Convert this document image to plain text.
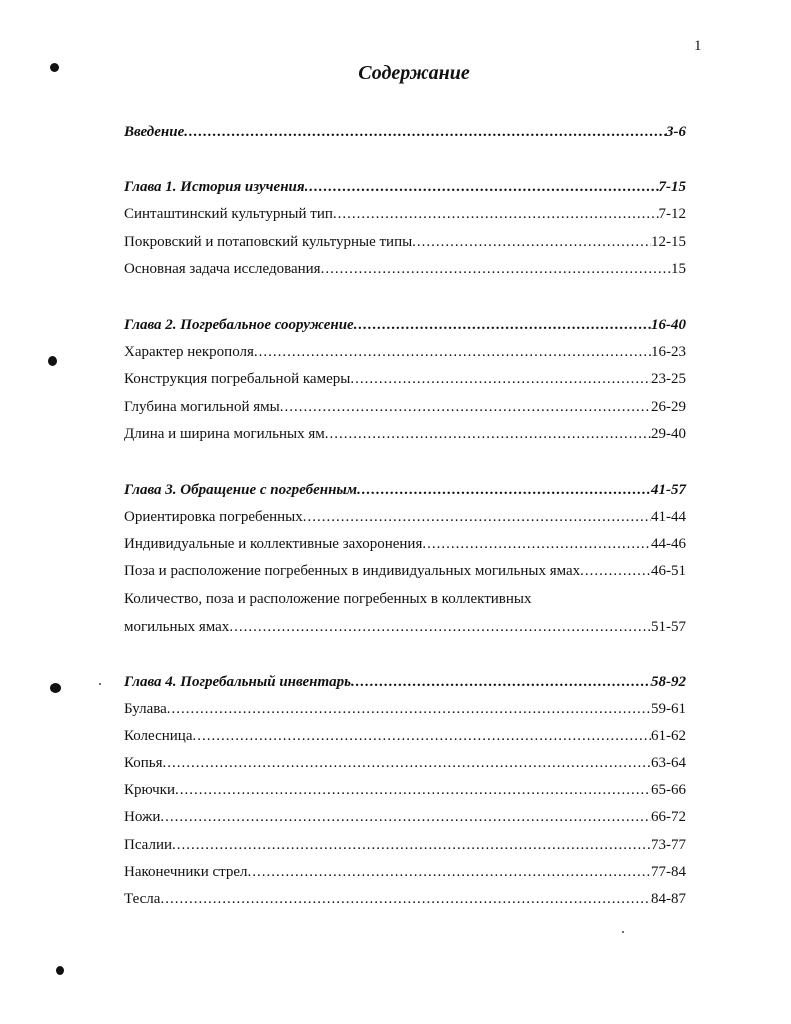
1
Содержание
Введение .....	3-6
Глава 1. История изучения .....	7-15
Синташтинский культурный тип .....	7-12
Покровский и потаповский культурные типы .....	12-15
Основная задача исследования .....	15
Глава 2. Погребальное сооружение .....	16-40
Характер некрополя .....	16-23
Конструкция погребальной камеры .....	23-25
Глубина могильной ямы .....	26-29
Длина и ширина могильных ям .....	29-40
Глава 3. Обращение с погребенным .....	41-57
Ориентировка погребенных .....	41-44
Индивидуальные и коллективные захоронения .....	44-46
Поза и расположение погребенных в индивидуальных могильных ямах .....	46-51
Количество, поза и расположение погребенных в коллективных
могильных ямах .....	51-57
Глава 4. Погребальный инвентарь .....	58-92
Булава .....	59-61
Колесница .....	61-62
Копья .....	63-64
Крючки .....	65-66
Ножи .....	66-72
Псалии .....	73-77
Наконечники стрел .....	77-84
Тесла .....	84-87
